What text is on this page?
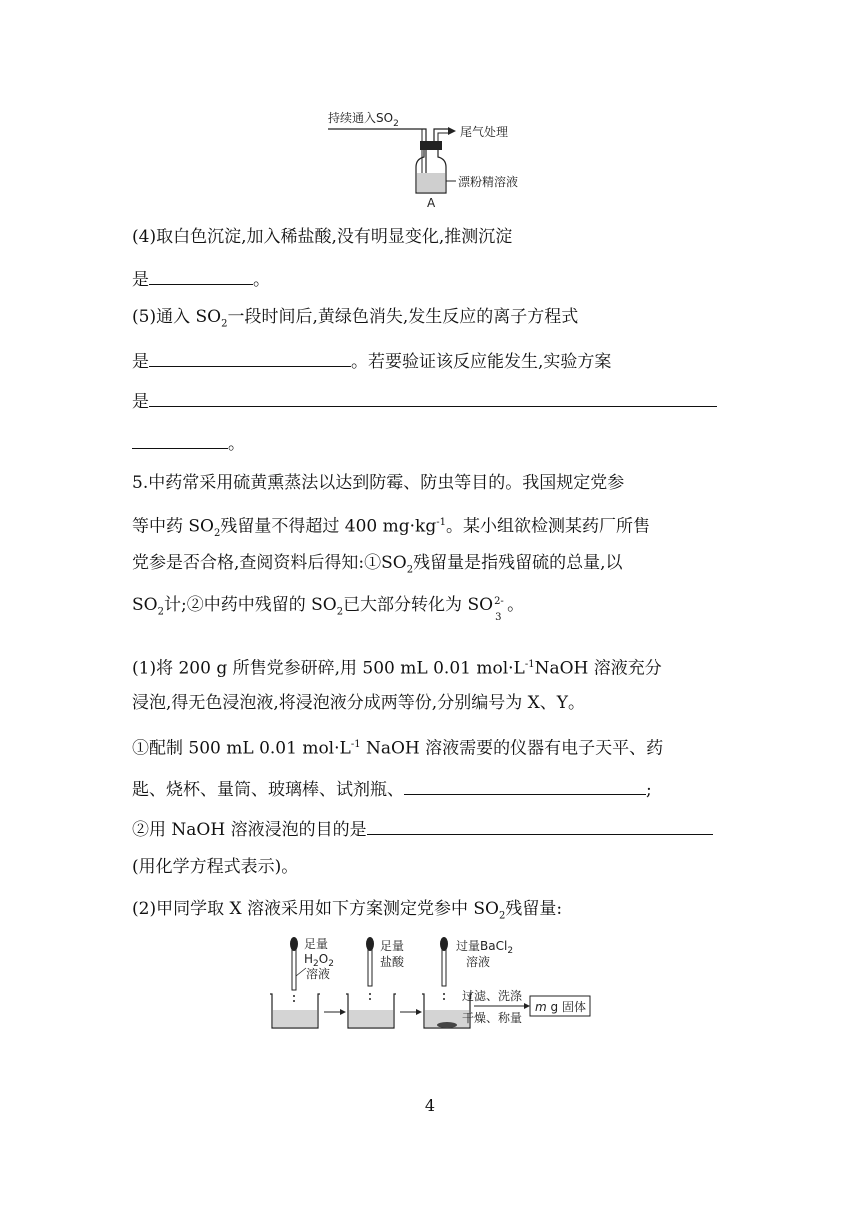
持续通入$SO_2$
尾气处理
漂粉精溶液
A
(4)取白色沉淀,加入稀盐酸,没有明显变化,推测沉淀
是	。
(5)通入 $SO_2$一段时间后,黄绿色消失,发生反应的离子方程式
是	。若要验证该反应能发生,实验方案
是
。
5.中药常采用硫黄熏蒸法以达到防霉、防虫等目的。我国规定党参
等中药 $SO_2$残留量不得超过 400 $mg\cdot kg^{-1}$。某小组欲检测某药厂所售
党参是否合格,查阅资料后得知$:①SO_2$残留量是指残留硫的总量,以
$SO_2$计;②中药中残留的 $SO_2$已大部分转化为 SO 2-
3
。
(1)将 200 g 所售党参研碎,用 500 mL 0.01 $mol\cdot L^{-1}NaOH$ 溶液充分
浸泡,得无色浸泡液,将浸泡液分成两等份,分别编号为 X、Y。
①配制 500 mL 0.01 $mol\cdot L^{-1}$ NaOH 溶液需要的仪器有电子天平、药
匙、烧杯、量筒、玻璃棒、试剂瓶、	;
②用 NaOH 溶液浸泡的目的是
(用化学方程式表示)。
(2)甲同学取 X 溶液采用如下方案测定党参中 $SO_2$残留量:
足量
$H_2O_2$
溶液
足量
盐酸
过量BaCl$_2$
溶液
过滤、洗涤
干燥、称量
m g 固体
4
